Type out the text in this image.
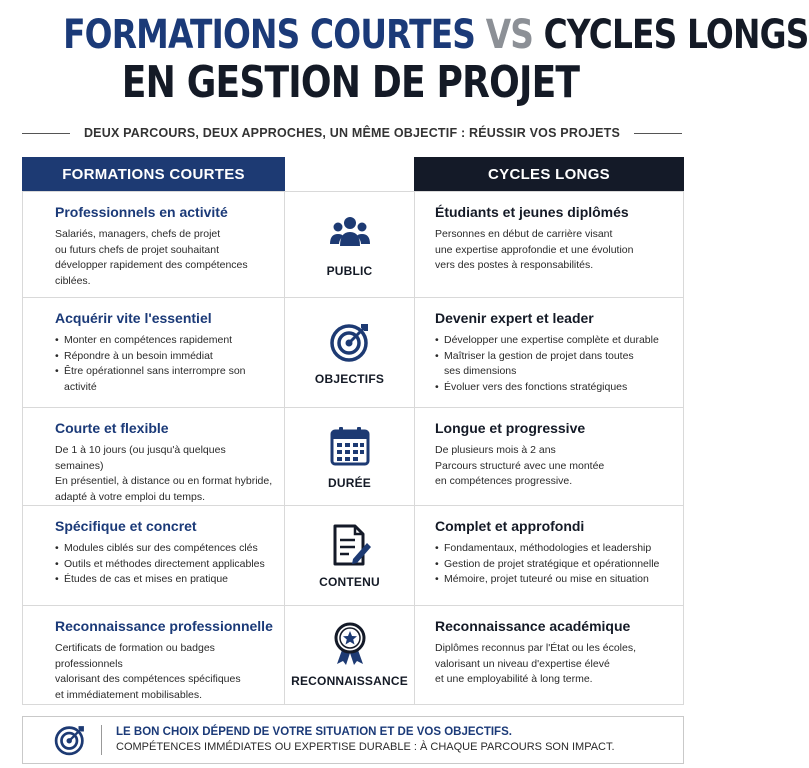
FORMATIONS COURTES VS CYCLES LONGS
EN GESTION DE PROJET
DEUX PARCOURS, DEUX APPROCHES, UN MÊME OBJECTIF : RÉUSSIR VOS PROJETS
FORMATIONS COURTES	CYCLES LONGS
Professionnels en activité
Salariés, managers, chefs de projet
ou futurs chefs de projet souhaitant
développer rapidement des compétences
ciblées.
PUBLIC
Étudiants et jeunes diplômés
Personnes en début de carrière visant
une expertise approfondie et une évolution
vers des postes à responsabilités.
Acquérir vite l'essentiel
• Monter en compétences rapidement
• Répondre à un besoin immédiat
• Être opérationnel sans interrompre son activité
OBJECTIFS
Devenir expert et leader
• Développer une expertise complète et durable
• Maîtriser la gestion de projet dans toutes
ses dimensions
• Évoluer vers des fonctions stratégiques
Courte et flexible
De 1 à 10 jours (ou jusqu'à quelques semaines)
En présentiel, à distance ou en format hybride,
adapté à votre emploi du temps.
DURÉE
Longue et progressive
De plusieurs mois à 2 ans
Parcours structuré avec une montée
en compétences progressive.
Spécifique et concret
• Modules ciblés sur des compétences clés
• Outils et méthodes directement applicables
• Études de cas et mises en pratique	CONTENU
Complet et approfondi
• Fondamentaux, méthodologies et leadership
• Gestion de projet stratégique et opérationnelle
• Mémoire, projet tuteuré ou mise en situation
Reconnaissance professionnelle
Certificats de formation ou badges professionnels
valorisant des compétences spécifiques
et immédiatement mobilisables.
RECONNAISSANCE
Reconnaissance académique
Diplômes reconnus par l'État ou les écoles,
valorisant un niveau d'expertise élevé
et une employabilité à long terme.
LE BON CHOIX DÉPEND DE VOTRE SITUATION ET DE VOS OBJECTIFS.
COMPÉTENCES IMMÉDIATES OU EXPERTISE DURABLE : À CHAQUE PARCOURS SON IMPACT.
